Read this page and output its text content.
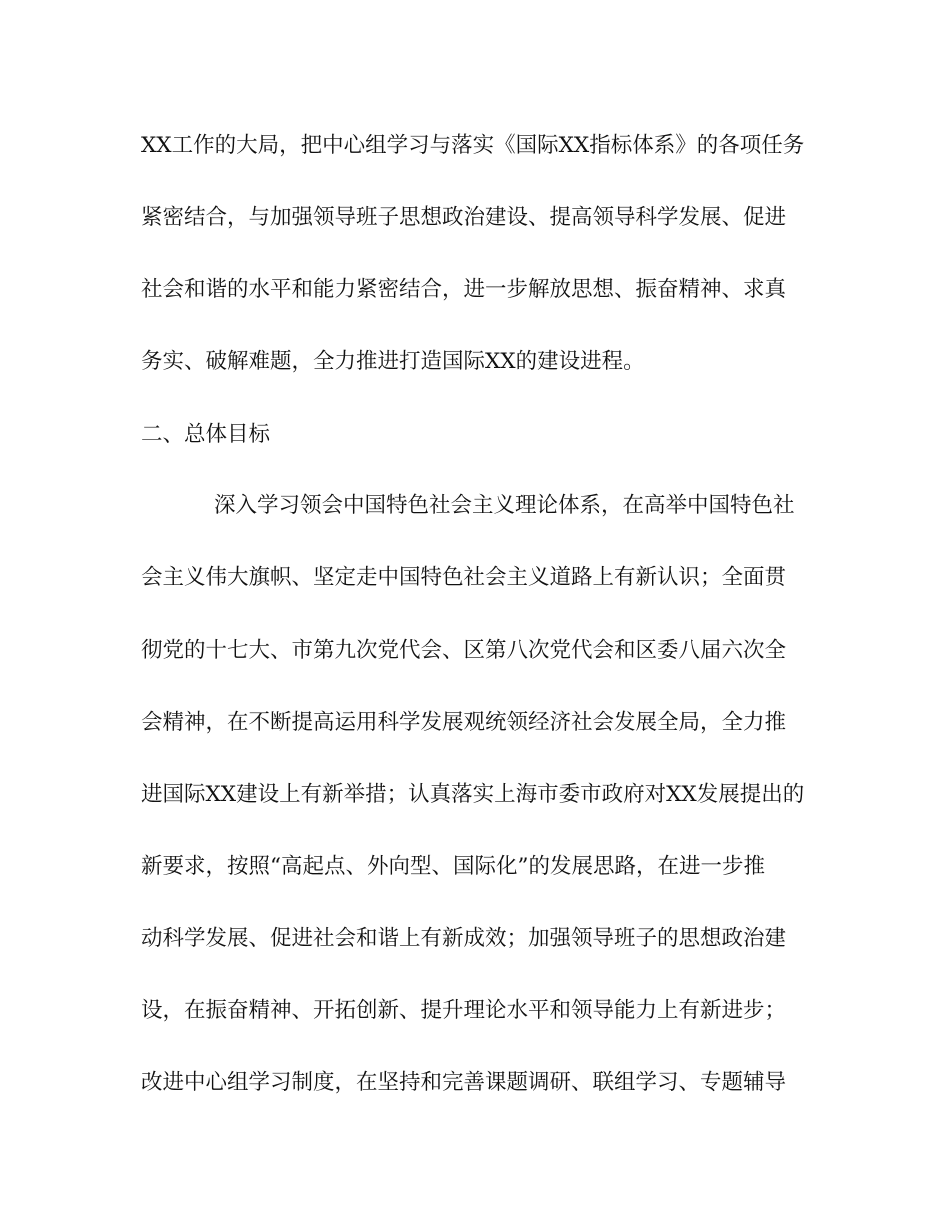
XX工作的大局，把中心组学习与落实《国际XX指标体系》的各项任务
紧密结合，与加强领导班子思想政治建设、提高领导科学发展、促进
社会和谐的水平和能力紧密结合，进一步解放思想、振奋精神、求真
务实、破解难题，全力推进打造国际XX的建设进程。
二、总体目标
深入学习领会中国特色社会主义理论体系，在高举中国特色社
会主义伟大旗帜、坚定走中国特色社会主义道路上有新认识；全面贯
彻党的十七大、市第九次党代会、区第八次党代会和区委八届六次全
会精神，在不断提高运用科学发展观统领经济社会发展全局，全力推
进国际XX建设上有新举措；认真落实上海市委市政府对XX发展提出的
新要求，按照“高起点、外向型、国际化”的发展思路，在进一步推
动科学发展、促进社会和谐上有新成效；加强领导班子的思想政治建
设，在振奋精神、开拓创新、提升理论水平和领导能力上有新进步；
改进中心组学习制度，在坚持和完善课题调研、联组学习、专题辅导
